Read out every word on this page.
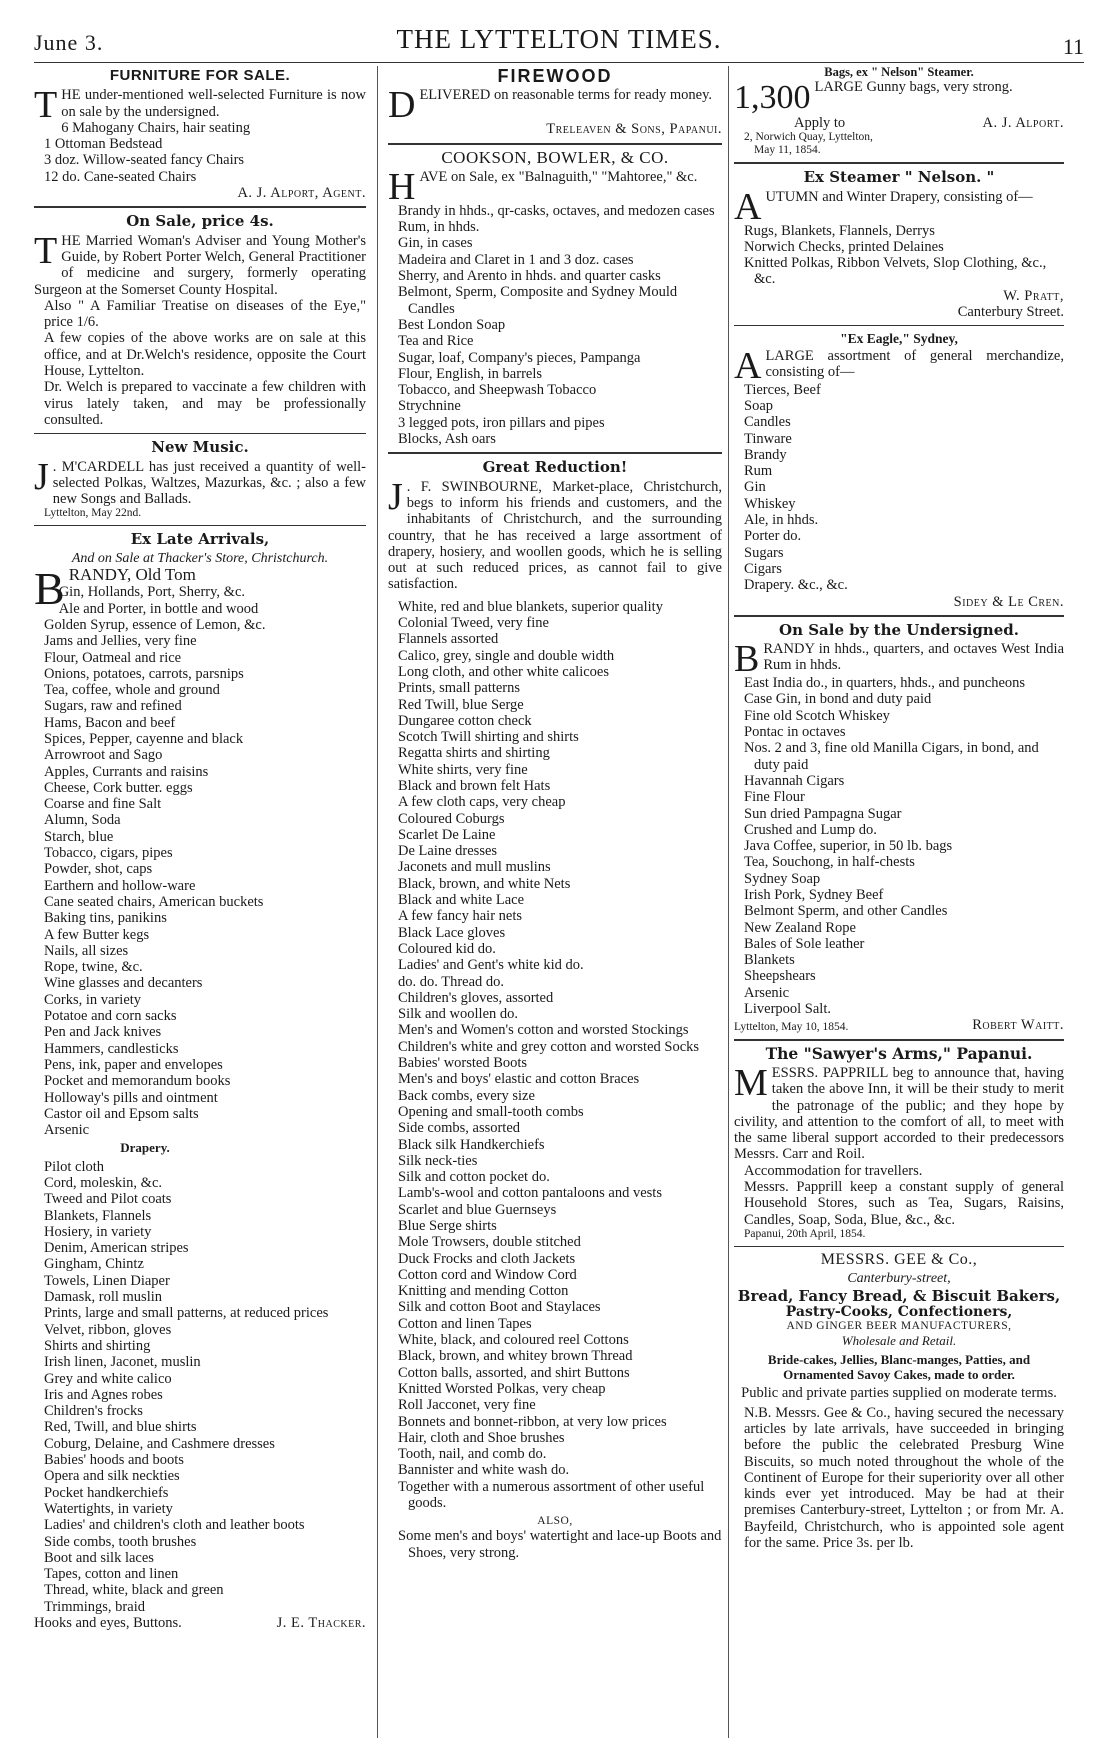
June 3.	THE LYTTELTON TIMES.	11
FURNITURE FOR SALE.
THE under-mentioned well-selected Furniture is now on sale by the undersigned.
6 Mahogany Chairs, hair seating
1 Ottoman Bedstead
3 doz. Willow-seated fancy Chairs
12 do. Cane-seated Chairs
A. J. Alport, Agent.
On Sale, price 4s.
THE Married Woman's Adviser and Young Mother's Guide, by Robert Porter Welch, General Practitioner of medicine and surgery, formerly operating Surgeon at the Somerset County Hospital.
Also " A Familiar Treatise on diseases of the Eye," price 1/6.
A few copies of the above works are on sale at this office, and at Dr.Welch's residence, opposite the Court House, Lyttelton.
Dr. Welch is prepared to vaccinate a few children with virus lately taken, and may be professionally consulted.
New Music.
J . M'CARDELL has just received a quantity of well-selected Polkas, Waltzes, Mazurkas, &c. ; also a few new Songs and Ballads.
Lyttelton, May 22nd.
Ex Late Arrivals,
And on Sale at Thacker's Store, Christchurch.
BRANDY, Old Tom
Gin, Hollands, Port, Sherry, &c.
Ale and Porter, in bottle and wood
Golden Syrup, essence of Lemon, &c.
Jams and Jellies, very fine
Flour, Oatmeal and rice
Onions, potatoes, carrots, parsnips
Tea, coffee, whole and ground
Sugars, raw and refined
Hams, Bacon and beef
Spices, Pepper, cayenne and black
Arrowroot and Sago
Apples, Currants and raisins
Cheese, Cork butter. eggs
Coarse and fine Salt
Alumn, Soda
Starch, blue
Tobacco, cigars, pipes
Powder, shot, caps
Earthern and hollow-ware
Cane seated chairs, American buckets
Baking tins, panikins
A few Butter kegs
Nails, all sizes
Rope, twine, &c.
Wine glasses and decanters
Corks, in variety
Potatoe and corn sacks
Pen and Jack knives
Hammers, candlesticks
Pens, ink, paper and envelopes
Pocket and memorandum books
Holloway's pills and ointment
Castor oil and Epsom salts
Arsenic
Drapery.
Pilot cloth
Cord, moleskin, &c.
Tweed and Pilot coats
Blankets, Flannels
Hosiery, in variety
Denim, American stripes
Gingham, Chintz
Towels, Linen Diaper
Damask, roll muslin
Prints, large and small patterns, at reduced prices
Velvet, ribbon, gloves
Shirts and shirting
Irish linen, Jaconet, muslin
Grey and white calico
Iris and Agnes robes
Children's frocks
Red, Twill, and blue shirts
Coburg, Delaine, and Cashmere dresses
Babies' hoods and boots
Opera and silk neckties
Pocket handkerchiefs
Watertights, in variety
Ladies' and children's cloth and leather boots
Side combs, tooth brushes
Boot and silk laces
Tapes, cotton and linen
Thread, white, black and green
Trimmings, braid
Hooks and eyes, Buttons.	J. E. Thacker.
FIREWOOD
DELIVERED on reasonable terms for ready money.
Treleaven & Sons, Papanui.
COOKSON, BOWLER, & CO.
HAVE on Sale, ex "Balnaguith," "Mahtoree," &c.
Brandy in hhds., qr-casks, octaves, and medozen cases
Rum, in hhds.
Gin, in cases
Madeira and Claret in 1 and 3 doz. cases
Sherry, and Arento in hhds. and quarter casks
Belmont, Sperm, Composite and Sydney Mould Candles
Best London Soap
Tea and Rice
Sugar, loaf, Company's pieces, Pampanga
Flour, English, in barrels
Tobacco, and Sheepwash Tobacco
Strychnine
3 legged pots, iron pillars and pipes
Blocks, Ash oars
Great Reduction!
J . F. SWINBOURNE, Market-place, Christchurch, begs to inform his friends and customers, and the inhabitants of Christchurch, and the surrounding country, that he has received a large assortment of drapery, hosiery, and woollen goods, which he is selling out at such reduced prices, as cannot fail to give satisfaction.
White, red and blue blankets, superior quality
Colonial Tweed, very fine
Flannels assorted
Calico, grey, single and double width
Long cloth, and other white calicoes
Prints, small patterns
Red Twill, blue Serge
Dungaree cotton check
Scotch Twill shirting and shirts
Regatta shirts and shirting
White shirts, very fine
Black and brown felt Hats
A few cloth caps, very cheap
Coloured Coburgs
Scarlet De Laine
De Laine dresses
Jaconets and mull muslins
Black, brown, and white Nets
Black and white Lace
A few fancy hair nets
Black Lace gloves
Coloured kid do.
Ladies' and Gent's white kid do.
do. do. Thread do.
Children's gloves, assorted
Silk and woollen do.
Men's and Women's cotton and worsted Stockings
Children's white and grey cotton and worsted Socks
Babies' worsted Boots
Men's and boys' elastic and cotton Braces
Back combs, every size
Opening and small-tooth combs
Side combs, assorted
Black silk Handkerchiefs
Silk neck-ties
Silk and cotton pocket do.
Lamb's-wool and cotton pantaloons and vests
Scarlet and blue Guernseys
Blue Serge shirts
Mole Trowsers, double stitched
Duck Frocks and cloth Jackets
Cotton cord and Window Cord
Knitting and mending Cotton
Silk and cotton Boot and Staylaces
Cotton and linen Tapes
White, black, and coloured reel Cottons
Black, brown, and whitey brown Thread
Cotton balls, assorted, and shirt Buttons
Knitted Worsted Polkas, very cheap
Roll Jacconet, very fine
Bonnets and bonnet-ribbon, at very low prices
Hair, cloth and Shoe brushes
Tooth, nail, and comb do.
Bannister and white wash do.
Together with a numerous assortment of other useful goods.
ALSO,
Some men's and boys' watertight and lace-up Boots and Shoes, very strong.
Bags, ex " Nelson" Steamer.
1,300 LARGE Gunny bags, very strong.
Apply to	A. J. Alport.
2, Norwich Quay, Lyttelton,
May 11, 1854.
Ex Steamer " Nelson. "
AUTUMN and Winter Drapery, consisting of—
Rugs, Blankets, Flannels, Derrys
Norwich Checks, printed Delaines
Knitted Polkas, Ribbon Velvets, Slop Clothing, &c., &c.
W. Pratt,
Canterbury Street.
"Ex Eagle," Sydney,
ALARGE assortment of general merchandize, consisting of—
Tierces, Beef
Soap
Candles
Tinware
Brandy
Rum
Gin
Whiskey
Ale, in hhds.
Porter do.
Sugars
Cigars
Drapery. &c., &c.
Sidey & Le Cren.
On Sale by the Undersigned.
BRANDY in hhds., quarters, and octaves West India Rum in hhds.
East India do., in quarters, hhds., and puncheons
Case Gin, in bond and duty paid
Fine old Scotch Whiskey
Pontac in octaves
Nos. 2 and 3, fine old Manilla Cigars, in bond, and duty paid
Havannah Cigars
Fine Flour
Sun dried Pampagna Sugar
Crushed and Lump do.
Java Coffee, superior, in 50 lb. bags
Tea, Souchong, in half-chests
Sydney Soap
Irish Pork, Sydney Beef
Belmont Sperm, and other Candles
New Zealand Rope
Bales of Sole leather
Blankets
Sheepshears
Arsenic
Liverpool Salt.
Lyttelton, May 10, 1854.	Robert Waitt.
The "Sawyer's Arms," Papanui.
MESSRS. PAPPRILL beg to announce that, having taken the above Inn, it will be their study to merit the patronage of the public; and they hope by civility, and attention to the comfort of all, to meet with the same liberal support accorded to their predecessors Messrs. Carr and Roil.
Accommodation for travellers.
Messrs. Papprill keep a constant supply of general Household Stores, such as Tea, Sugars, Raisins, Candles, Soap, Soda, Blue, &c., &c.
Papanui, 20th April, 1854.
MESSRS. GEE & Co.,
Canterbury-street,
Bread, Fancy Bread, & Biscuit Bakers,
Pastry-Cooks, Confectioners,
AND GINGER BEER MANUFACTURERS,
Wholesale and Retail.
Bride-cakes, Jellies, Blanc-manges, Patties, and Ornamented Savoy Cakes, made to order.
Public and private parties supplied on moderate terms.
N.B. Messrs. Gee & Co., having secured the necessary articles by late arrivals, have succeeded in bringing before the public the celebrated Presburg Wine Biscuits, so much noted throughout the whole of the Continent of Europe for their superiority over all other kinds ever yet introduced. May be had at their premises Canterbury-street, Lyttelton ; or from Mr. A. Bayfeild, Christchurch, who is appointed sole agent for the same. Price 3s. per lb.
